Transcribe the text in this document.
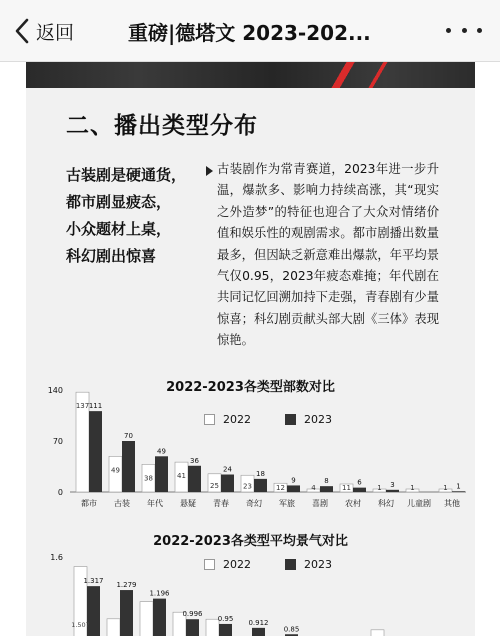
返回	重磅|德塔文 2023-202...
二、播出类型分布
古装剧是硬通货，
都市剧显疲态，
小众题材上桌，
科幻剧出惊喜
古装剧作为常青赛道，2023年进一步升温，爆款多、影响力持续高涨，其“现实之外造梦”的特征也迎合了大众对情绪价值和娱乐性的观剧需求。都市剧播出数量最多，但因缺乏新意难出爆款，年平均景气仅0.95，2023年疲态难掩；年代剧在共同记忆回溯加持下走强，青春剧有少量惊喜；科幻剧贡献头部大剧《三体》表现惊艳。
2022-2023各类型部数对比
2022	2023
140
70
0
137 111
都市
49
70
古装
38
49
年代
41
36
悬疑
25
24
青春
23
18
奇幻
12
9
军旅
4
8
喜剧
11
6
农村
1 3
科幻
1
儿童剧
1 1
其他
2022-2023各类型平均景气对比
2022	2023
1.6
1.317
1.507
1.279
1.196
0.996
0.95 0.912
0.85
